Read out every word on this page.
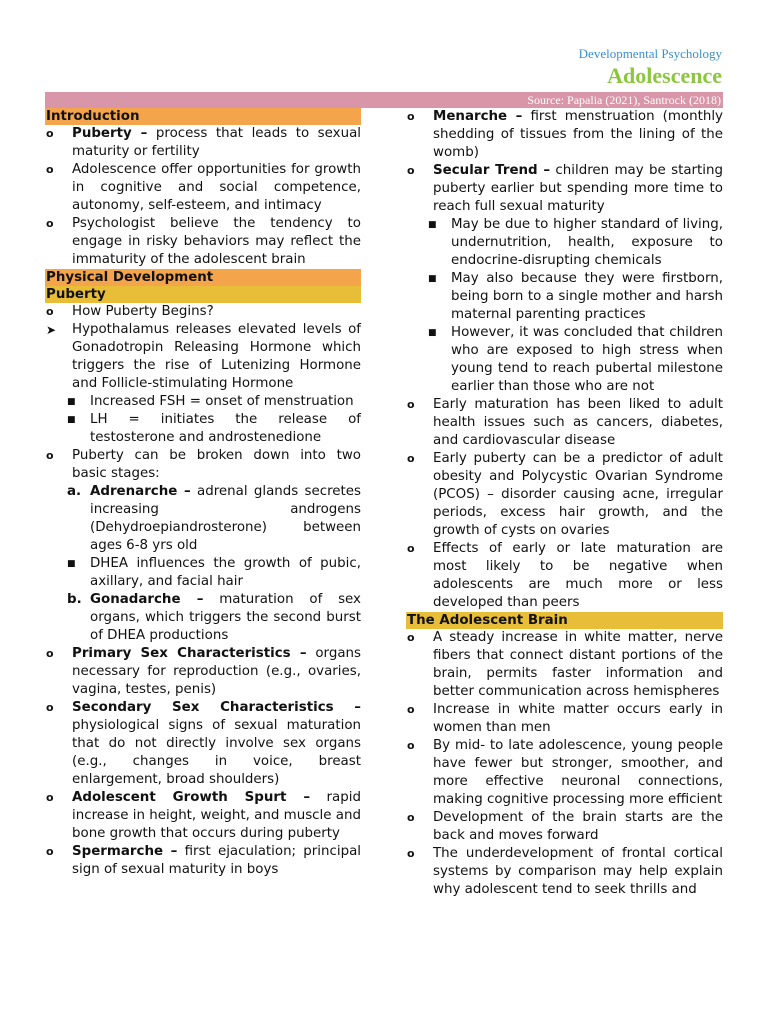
Developmental Psychology
Adolescence
Source: Papalia (2021), Santrock (2018)
Introduction
o Puberty – process that leads to sexual maturity or fertility
o Adolescence offer opportunities for growth in cognitive and social competence, autonomy, self-esteem, and intimacy
o Psychologist believe the tendency to engage in risky behaviors may reflect the immaturity of the adolescent brain
Physical Development
Puberty
o How Puberty Begins?
➤ Hypothalamus releases elevated levels of Gonadotropin Releasing Hormone which triggers the rise of Lutenizing Hormone and Follicle-stimulating Hormone
■ Increased FSH = onset of menstruation
■ LH = initiates the release of testosterone and androstenedione
o Puberty can be broken down into two basic stages:
a. Adrenarche – adrenal glands secretes increasing androgens (Dehydroepiandrosterone) between ages 6-8 yrs old
■ DHEA influences the growth of pubic, axillary, and facial hair
b. Gonadarche – maturation of sex organs, which triggers the second burst of DHEA productions
o Primary Sex Characteristics – organs necessary for reproduction (e.g., ovaries, vagina, testes, penis)
o Secondary Sex Characteristics – physiological signs of sexual maturation that do not directly involve sex organs (e.g., changes in voice, breast enlargement, broad shoulders)
o Adolescent Growth Spurt – rapid increase in height, weight, and muscle and bone growth that occurs during puberty
o Spermarche – first ejaculation; principal sign of sexual maturity in boys
o Menarche – first menstruation (monthly shedding of tissues from the lining of the womb)
o Secular Trend – children may be starting puberty earlier but spending more time to reach full sexual maturity
■ May be due to higher standard of living, undernutrition, health, exposure to endocrine-disrupting chemicals
■ May also because they were firstborn, being born to a single mother and harsh maternal parenting practices
■ However, it was concluded that children who are exposed to high stress when young tend to reach pubertal milestone earlier than those who are not
o Early maturation has been liked to adult health issues such as cancers, diabetes, and cardiovascular disease
o Early puberty can be a predictor of adult obesity and Polycystic Ovarian Syndrome (PCOS) – disorder causing acne, irregular periods, excess hair growth, and the growth of cysts on ovaries
o Effects of early or late maturation are most likely to be negative when adolescents are much more or less developed than peers
The Adolescent Brain
o A steady increase in white matter, nerve fibers that connect distant portions of the brain, permits faster information and better communication across hemispheres
o Increase in white matter occurs early in women than men
o By mid- to late adolescence, young people have fewer but stronger, smoother, and more effective neuronal connections, making cognitive processing more efficient
o Development of the brain starts are the back and moves forward
o The underdevelopment of frontal cortical systems by comparison may help explain why adolescent tend to seek thrills and
